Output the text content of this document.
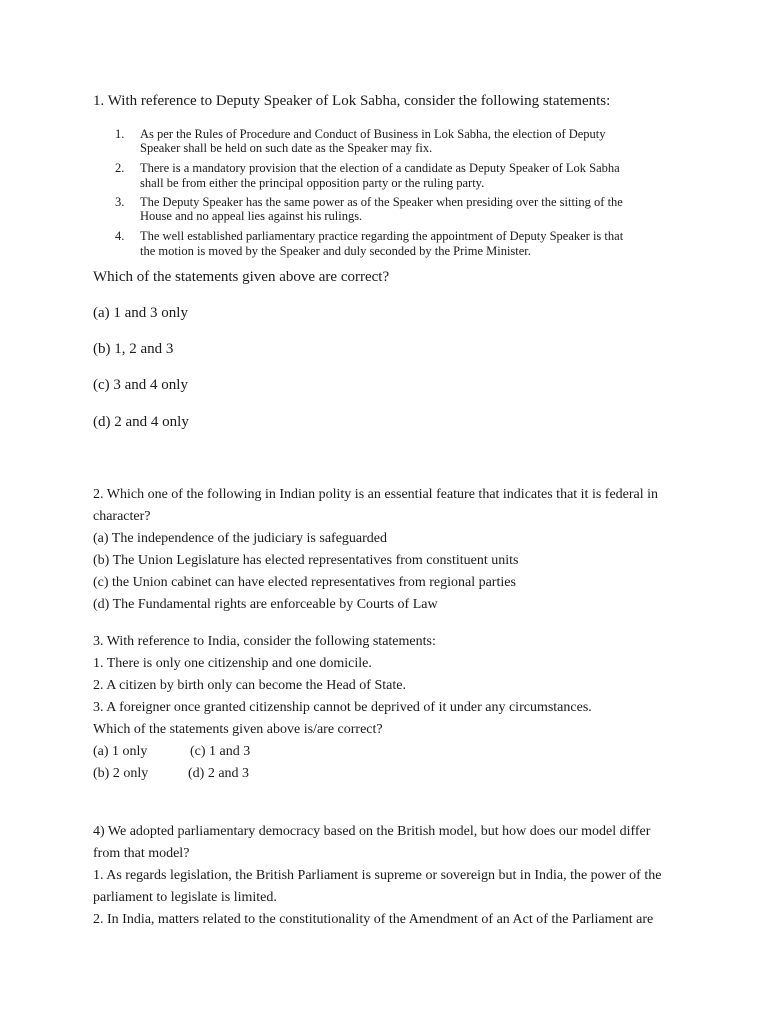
1. With reference to Deputy Speaker of Lok Sabha, consider the following statements:
1. As per the Rules of Procedure and Conduct of Business in Lok Sabha, the election of Deputy
Speaker shall be held on such date as the Speaker may fix.
2. There is a mandatory provision that the election of a candidate as Deputy Speaker of Lok Sabha
shall be from either the principal opposition party or the ruling party.
3. The Deputy Speaker has the same power as of the Speaker when presiding over the sitting of the
House and no appeal lies against his rulings.
4. The well established parliamentary practice regarding the appointment of Deputy Speaker is that
the motion is moved by the Speaker and duly seconded by the Prime Minister.
Which of the statements given above are correct?
(a) 1 and 3 only
(b) 1, 2 and 3
(c) 3 and 4 only
(d) 2 and 4 only
2. Which one of the following in Indian polity is an essential feature that indicates that it is federal in
character?
(a) The independence of the judiciary is safeguarded
(b) The Union Legislature has elected representatives from constituent units
(c) the Union cabinet can have elected representatives from regional parties
(d) The Fundamental rights are enforceable by Courts of Law
3. With reference to India, consider the following statements:
1. There is only one citizenship and one domicile.
2. A citizen by birth only can become the Head of State.
3. A foreigner once granted citizenship cannot be deprived of it under any circumstances.
Which of the statements given above is/are correct?
(a) 1 only	(c) 1 and 3
(b) 2 only	(d) 2 and 3
4) We adopted parliamentary democracy based on the British model, but how does our model differ
from that model?
1. As regards legislation, the British Parliament is supreme or sovereign but in India, the power of the
parliament to legislate is limited.
2. In India, matters related to the constitutionality of the Amendment of an Act of the Parliament are
